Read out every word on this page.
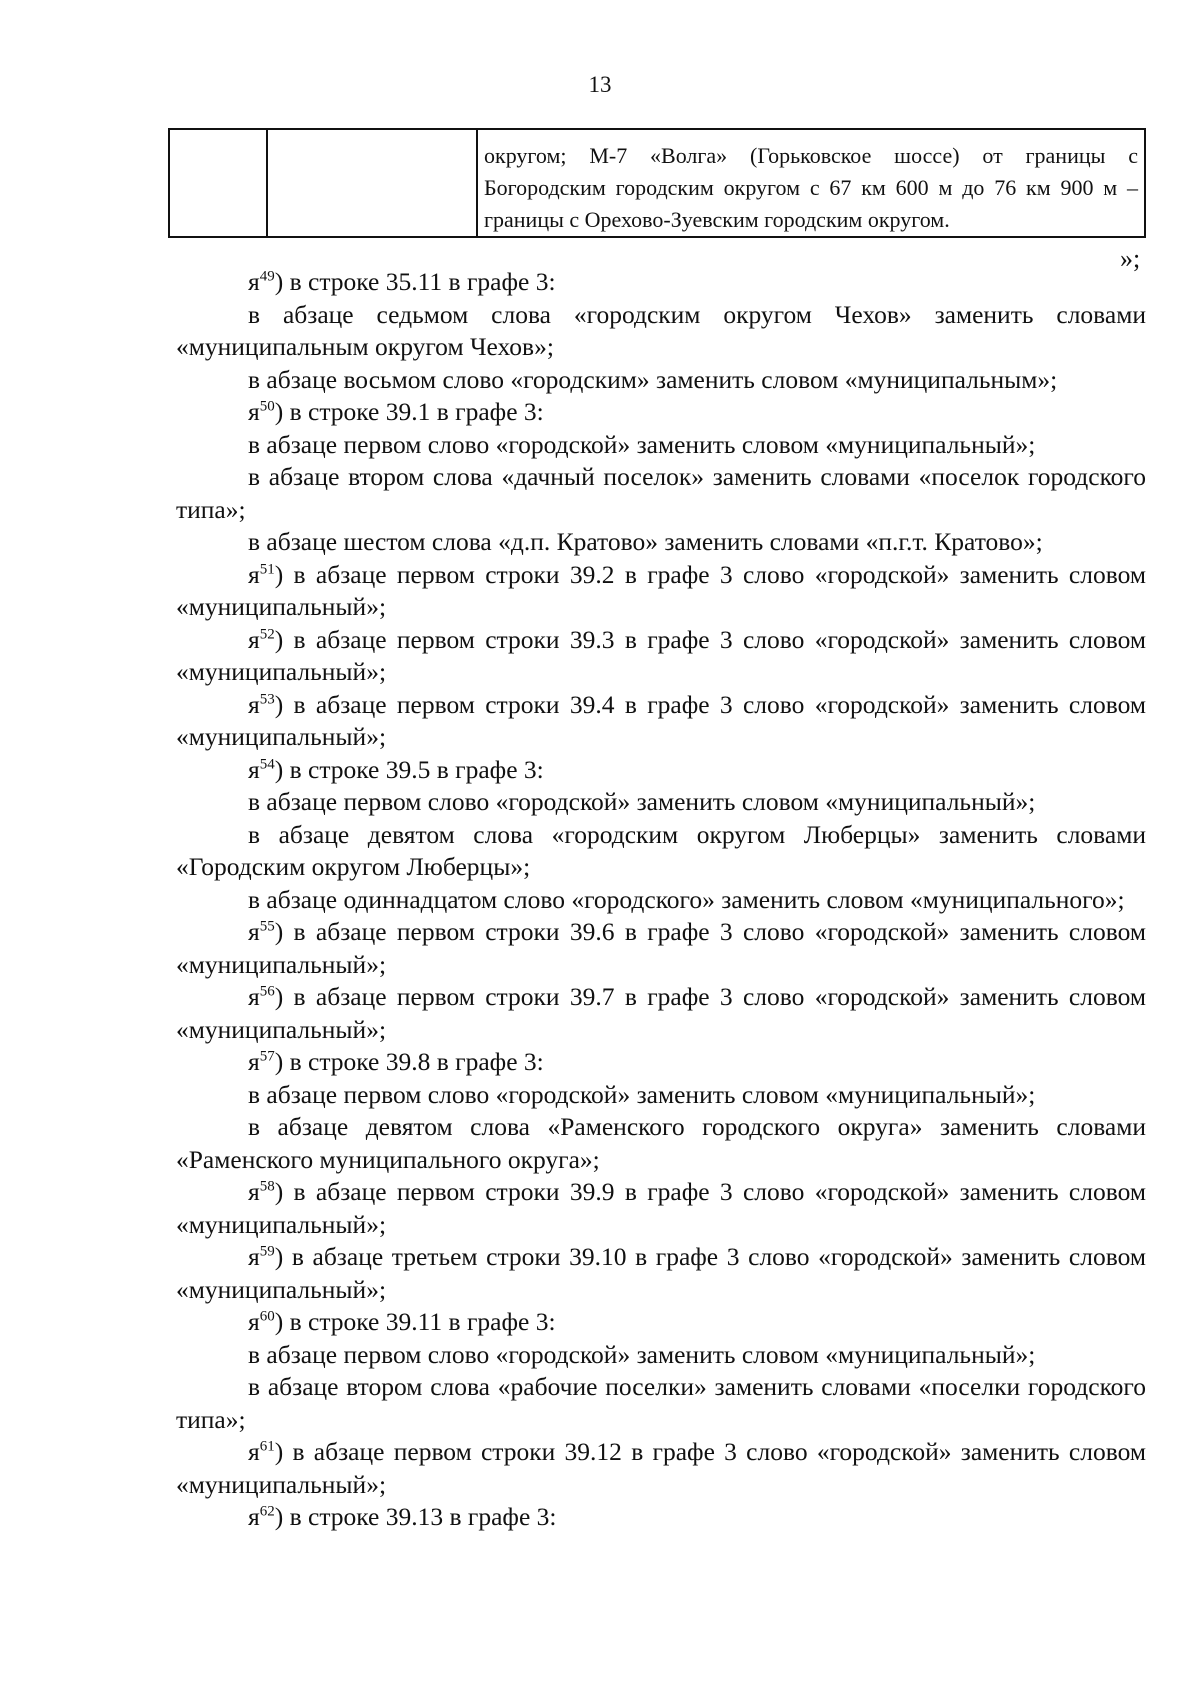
13
округом; М-7 «Волга» (Горьковское шоссе) от границы с Богородским городским округом с 67 км 600 м до 76 км 900 м – границы с Орехово-Зуевским городским округом.
»;

$я^{49}$) в строке 35.11 в графе 3:

в абзаце седьмом слова «городским округом Чехов» заменить словами «муниципальным округом Чехов»;

в абзаце восьмом слово «городским» заменить словом «муниципальным»;

$я^{50}$) в строке 39.1 в графе 3:

в абзаце первом слово «городской» заменить словом «муниципальный»;

в абзаце втором слова «дачный поселок» заменить словами «поселок городского типа»;

в абзаце шестом слова «д.п. Кратово» заменить словами «п.г.т. Кратово»;

$я^{51}$) в абзаце первом строки 39.2 в графе 3 слово «городской» заменить словом «муниципальный»;

$я^{52}$) в абзаце первом строки 39.3 в графе 3 слово «городской» заменить словом «муниципальный»;

$я^{53}$) в абзаце первом строки 39.4 в графе 3 слово «городской» заменить словом «муниципальный»;

$я^{54}$) в строке 39.5 в графе 3:

в абзаце первом слово «городской» заменить словом «муниципальный»;

в абзаце девятом слова «городским округом Люберцы» заменить словами «Городским округом Люберцы»;

в абзаце одиннадцатом слово «городского» заменить словом «муниципального»;

$я^{55}$) в абзаце первом строки 39.6 в графе 3 слово «городской» заменить словом «муниципальный»;

$я^{56}$) в абзаце первом строки 39.7 в графе 3 слово «городской» заменить словом «муниципальный»;

$я^{57}$) в строке 39.8 в графе 3:

в абзаце первом слово «городской» заменить словом «муниципальный»;

в абзаце девятом слова «Раменского городского округа» заменить словами «Раменского муниципального округа»;

$я^{58}$) в абзаце первом строки 39.9 в графе 3 слово «городской» заменить словом «муниципальный»;

$я^{59}$) в абзаце третьем строки 39.10 в графе 3 слово «городской» заменить словом «муниципальный»;

$я^{60}$) в строке 39.11 в графе 3:

в абзаце первом слово «городской» заменить словом «муниципальный»;

в абзаце втором слова «рабочие поселки» заменить словами «поселки городского типа»;

$я^{61}$) в абзаце первом строки 39.12 в графе 3 слово «городской» заменить словом «муниципальный»;

$я^{62}$) в строке 39.13 в графе 3:
